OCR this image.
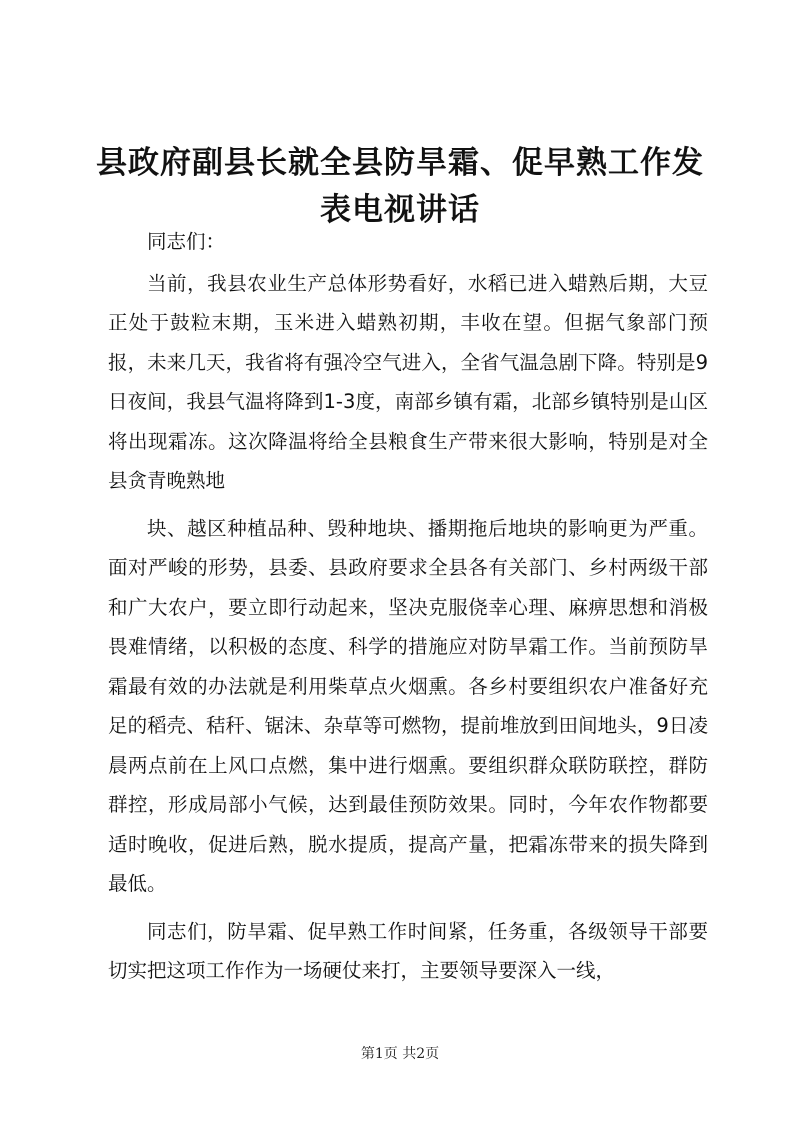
县政府副县长就全县防旱霜、促早熟工作发表电视讲话

同志们：

当前，我县农业生产总体形势看好，水稻已进入蜡熟后期，大豆正处于鼓粒末期，玉米进入蜡熟初期，丰收在望。但据气象部门预报，未来几天，我省将有强冷空气进入，全省气温急剧下降。特别是9日夜间，我县气温将降到1-3度，南部乡镇有霜，北部乡镇特别是山区将出现霜冻。这次降温将给全县粮食生产带来很大影响，特别是对全县贪青晚熟地

块、越区种植品种、毁种地块、播期拖后地块的影响更为严重。面对严峻的形势，县委、县政府要求全县各有关部门、乡村两级干部和广大农户，要立即行动起来，坚决克服侥幸心理、麻痹思想和消极畏难情绪，以积极的态度、科学的措施应对防旱霜工作。当前预防旱霜最有效的办法就是利用柴草点火烟熏。各乡村要组织农户准备好充足的稻壳、秸秆、锯沫、杂草等可燃物，提前堆放到田间地头，9日凌晨两点前在上风口点燃，集中进行烟熏。要组织群众联防联控，群防群控，形成局部小气候，达到最佳预防效果。同时，今年农作物都要适时晚收，促进后熟，脱水提质，提高产量，把霜冻带来的损失降到最低。

同志们，防旱霜、促早熟工作时间紧，任务重，各级领导干部要切实把这项工作作为一场硬仗来打，主要领导要深入一线，

第1页 共2页
